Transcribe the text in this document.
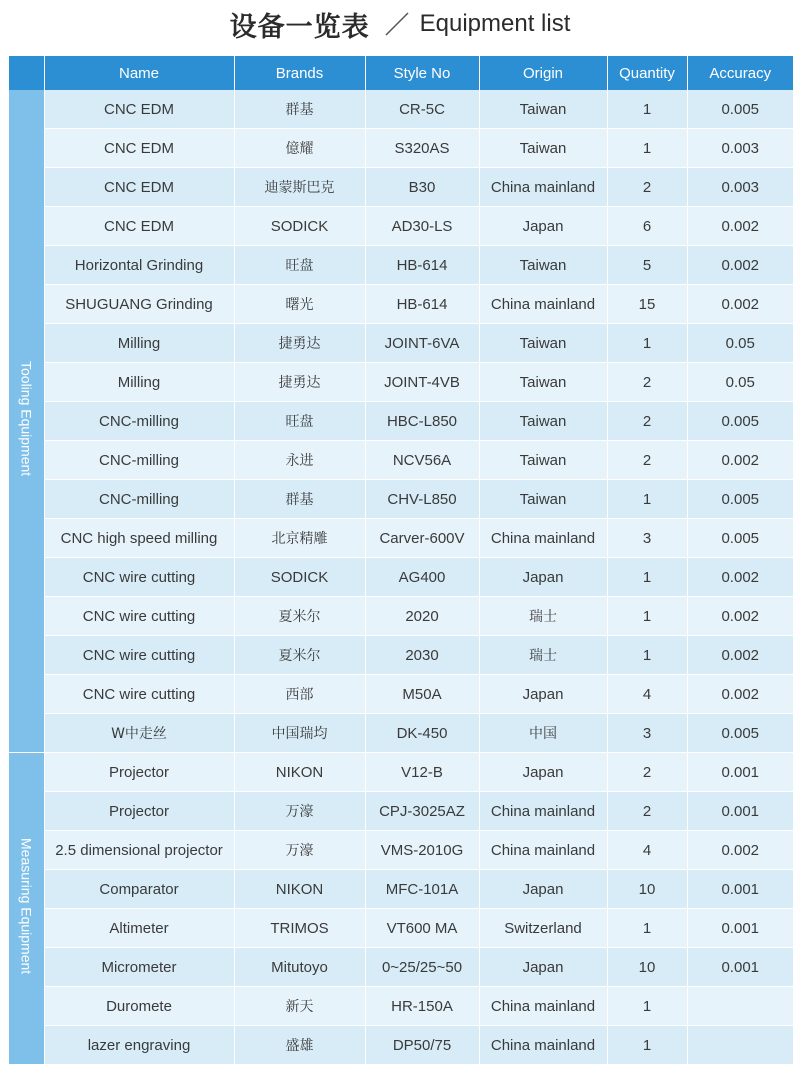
设备一览表 Equipment list
	Name	Brands	Style No	Origin	Quantity	Accuracy
Tooling Equipment	CNC EDM	群基	CR-5C	Taiwan	1	0.005
	CNC EDM	億耀	S320AS	Taiwan	1	0.003
	CNC EDM	迪蒙斯巴克	B30	China mainland	2	0.003
	CNC EDM	SODICK	AD30-LS	Japan	6	0.002
	Horizontal Grinding	旺盘	HB-614	Taiwan	5	0.002
	SHUGUANG Grinding	曙光	HB-614	China mainland	15	0.002
	Milling	捷勇达	JOINT-6VA	Taiwan	1	0.05
	Milling	捷勇达	JOINT-4VB	Taiwan	2	0.05
	CNC-milling	旺盘	HBC-L850	Taiwan	2	0.005
	CNC-milling	永进	NCV56A	Taiwan	2	0.002
	CNC-milling	群基	CHV-L850	Taiwan	1	0.005
	CNC high speed milling	北京精雕	Carver-600V	China mainland	3	0.005
	CNC wire cutting	SODICK	AG400	Japan	1	0.002
	CNC wire cutting	夏米尔	2020	瑞士	1	0.002
	CNC wire cutting	夏米尔	2030	瑞士	1	0.002
	CNC wire cutting	西部	M50A	Japan	4	0.002
	W中走丝	中国瑞均	DK-450	中国	3	0.005
Measuring Equipment	Projector	NIKON	V12-B	Japan	2	0.001
	Projector	万濠	CPJ-3025AZ	China mainland	2	0.001
	2.5 dimensional projector	万濠	VMS-2010G	China mainland	4	0.002
	Comparator	NIKON	MFC-101A	Japan	10	0.001
	Altimeter	TRIMOS	VT600 MA	Switzerland	1	0.001
	Micrometer	Mitutoyo	0~25/25~50	Japan	10	0.001
	Duromete	新天	HR-150A	China mainland	1	
	lazer engraving	盛雄	DP50/75	China mainland	1	
